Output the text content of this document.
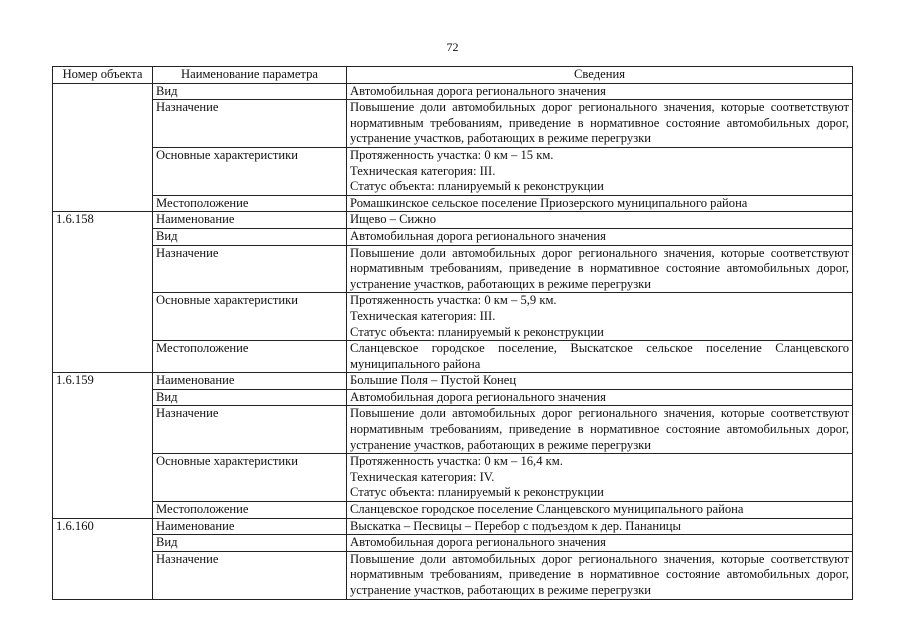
72
Номер объекта	Наименование параметра	Сведения
	Вид	Автомобильная дорога регионального значения

	Назначение	Повышение доли автомобильных дорог регионального значения, которые соответствуют нормативным требованиям, приведение в нормативное состояние автомобильных дорог, устранение участков, работающих в режиме перегрузки

	Основные характеристики	Протяженность участка: 0 км – 15 км.
Техническая категория: III.
Статус объекта: планируемый к реконструкции

	Местоположение	Ромашкинское сельское поселение Приозерского муниципального района

1.6.158	Наименование	Ищево – Сижно

	Вид	Автомобильная дорога регионального значения

	Назначение	Повышение доли автомобильных дорог регионального значения, которые соответствуют нормативным требованиям, приведение в нормативное состояние автомобильных дорог, устранение участков, работающих в режиме перегрузки

	Основные характеристики	Протяженность участка: 0 км – 5,9 км.
Техническая категория: III.
Статус объекта: планируемый к реконструкции

	Местоположение	Сланцевское городское поселение, Выскатское сельское поселение Сланцевского муниципального района

1.6.159	Наименование	Большие Поля – Пустой Конец

	Вид	Автомобильная дорога регионального значения

	Назначение	Повышение доли автомобильных дорог регионального значения, которые соответствуют нормативным требованиям, приведение в нормативное состояние автомобильных дорог, устранение участков, работающих в режиме перегрузки

	Основные характеристики	Протяженность участка: 0 км – 16,4 км.
Техническая категория: IV.
Статус объекта: планируемый к реконструкции

	Местоположение	Сланцевское городское поселение Сланцевского муниципального района

1.6.160	Наименование	Выскатка – Песвицы – Перебор с подъездом к дер. Пананицы

	Вид	Автомобильная дорога регионального значения

	Назначение	Повышение доли автомобильных дорог регионального значения, которые соответствуют нормативным требованиям, приведение в нормативное состояние автомобильных дорог, устранение участков, работающих в режиме перегрузки
